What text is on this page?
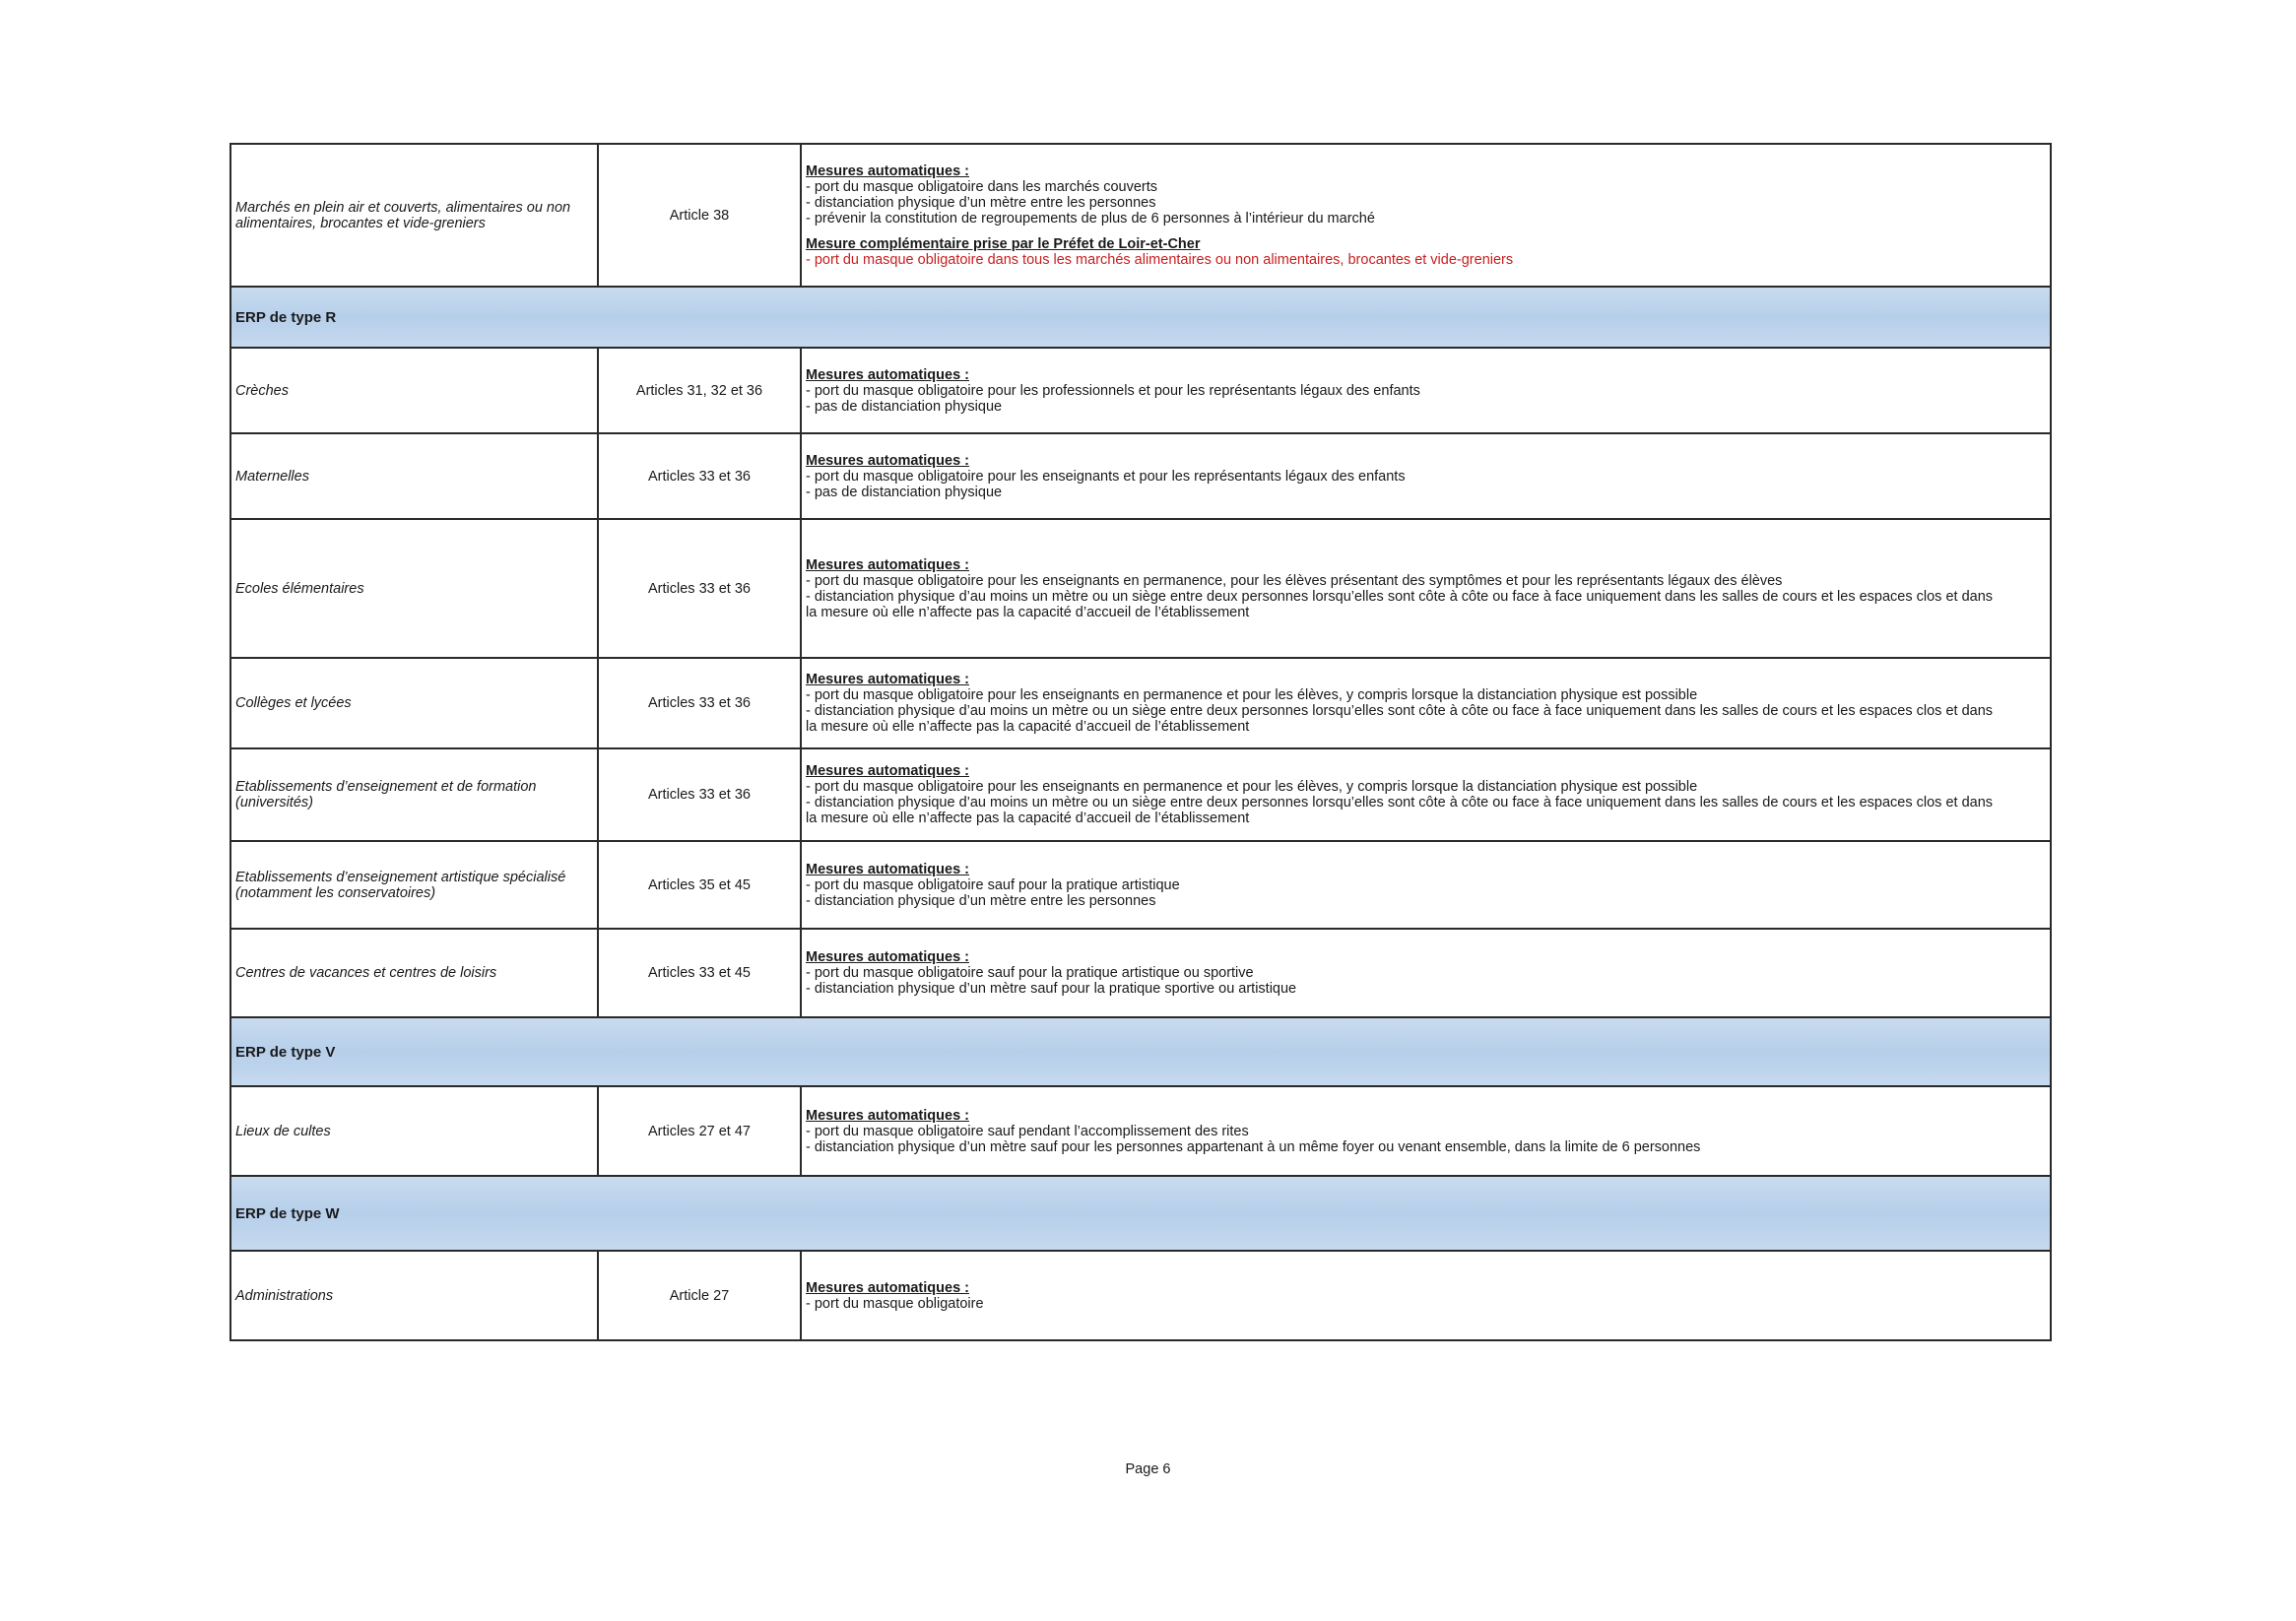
Marchés en plein air et couverts, alimentaires ou non alimentaires, brocantes et vide-greniers	Article 38
Mesures automatiques :
- port du masque obligatoire dans les marchés couverts
- distanciation physique d’un mètre entre les personnes
- prévenir la constitution de regroupements de plus de 6 personnes à l’intérieur du marché
Mesure complémentaire prise par le Préfet de Loir-et-Cher
- port du masque obligatoire dans tous les marchés alimentaires ou non alimentaires, brocantes et vide-greniers
ERP de type R
Crèches	Articles 31, 32 et 36
Mesures automatiques :
- port du masque obligatoire pour les professionnels et pour les représentants légaux des enfants
- pas de distanciation physique
Maternelles	Articles 33 et 36
Mesures automatiques :
- port du masque obligatoire pour les enseignants et pour les représentants légaux des enfants
- pas de distanciation physique
Ecoles élémentaires	Articles 33 et 36
Mesures automatiques :
- port du masque obligatoire pour les enseignants en permanence, pour les élèves présentant des symptômes et pour les représentants légaux des élèves
- distanciation physique d’au moins un mètre ou un siège entre deux personnes lorsqu’elles sont côte à côte ou face à face uniquement dans les salles de cours et les espaces clos et dans
la mesure où elle n’affecte pas la capacité d’accueil de l’établissement
Collèges et lycées	Articles 33 et 36
Mesures automatiques :
- port du masque obligatoire pour les enseignants en permanence et pour les élèves, y compris lorsque la distanciation physique est possible
- distanciation physique d’au moins un mètre ou un siège entre deux personnes lorsqu’elles sont côte à côte ou face à face uniquement dans les salles de cours et les espaces clos et dans
la mesure où elle n’affecte pas la capacité d’accueil de l’établissement
Etablissements d’enseignement et de formation (universités)	Articles 33 et 36
Mesures automatiques :
- port du masque obligatoire pour les enseignants en permanence et pour les élèves, y compris lorsque la distanciation physique est possible
- distanciation physique d’au moins un mètre ou un siège entre deux personnes lorsqu’elles sont côte à côte ou face à face uniquement dans les salles de cours et les espaces clos et dans
la mesure où elle n’affecte pas la capacité d’accueil de l’établissement
Etablissements d’enseignement artistique spécialisé (notamment les conservatoires)	Articles 35 et 45
Mesures automatiques :
- port du masque obligatoire sauf pour la pratique artistique
- distanciation physique d’un mètre entre les personnes
Centres de vacances et centres de loisirs	Articles 33 et 45
Mesures automatiques :
- port du masque obligatoire sauf pour la pratique artistique ou sportive
- distanciation physique d’un mètre sauf pour la pratique sportive ou artistique
ERP de type V
Lieux de cultes	Articles 27 et 47
Mesures automatiques :
- port du masque obligatoire sauf pendant l’accomplissement des rites
- distanciation physique d’un mètre sauf pour les personnes appartenant à un même foyer ou venant ensemble, dans la limite de 6 personnes
ERP de type W
Administrations	Article 27	Mesures automatiques :
- port du masque obligatoire
Page 6
